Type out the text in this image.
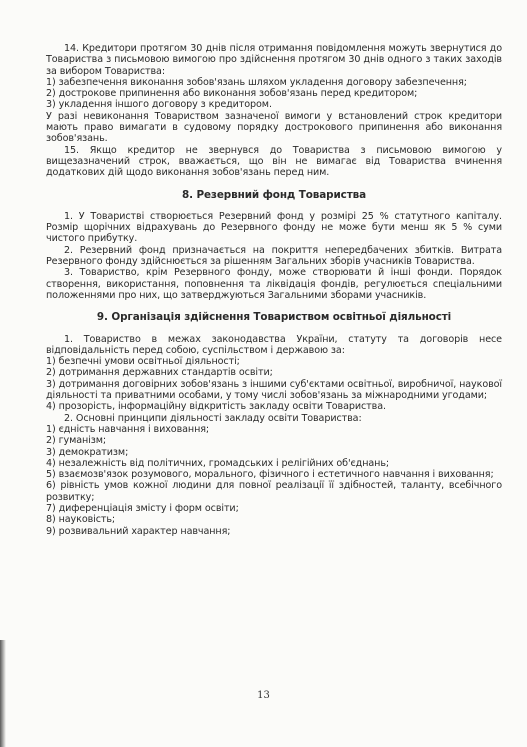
14. Кредитори протягом 30 днів після отримання повідомлення можуть звернутися до Товариства з письмовою вимогою про здійснення протягом 30 днів одного з таких заходів за вибором Товариства:

1) забезпечення виконання зобов'язань шляхом укладення договору забезпечення;

2) дострокове припинення або виконання зобов'язань перед кредитором;

3) укладення іншого договору з кредитором.

У разі невиконання Товариством зазначеної вимоги у встановлений строк кредитори мають право вимагати в судовому порядку дострокового припинення або виконання зобов'язань.

15. Якщо кредитор не звернувся до Товариства з письмовою вимогою у вищезазначений строк, вважається, що він не вимагає від Товариства вчинення додаткових дій щодо виконання зобов'язань перед ним.

8. Резервний фонд Товариства

1. У Товаристві створюється Резервний фонд у розмірі 25 % статутного капіталу. Розмір щорічних відрахувань до Резервного фонду не може бути менш як 5 % суми чистого прибутку.

2. Резервний фонд призначається на покриття непередбачених збитків. Витрата Резервного фонду здійснюється за рішенням Загальних зборів учасників Товариства.

3. Товариство, крім Резервного фонду, може створювати й інші фонди. Порядок створення, використання, поповнення та ліквідація фондів, регулюється спеціальними положеннями про них, що затверджуються Загальними зборами учасників.

9. Організація здійснення Товариством освітньої діяльності

1. Товариство в межах законодавства України, статуту та договорів несе відповідальність перед собою, суспільством і державою за:

1) безпечні умови освітньої діяльності;

2) дотримання державних стандартів освіти;

3) дотримання договірних зобов'язань з іншими суб'єктами освітньої, виробничої, наукової діяльності та приватними особами, у тому числі зобов'язань за міжнародними угодами;

4) прозорість, інформаційну відкритість закладу освіти Товариства.

2. Основні принципи діяльності закладу освіти Товариства:

1) єдність навчання і виховання;

2) гуманізм;

3) демократизм;

4) незалежність від політичних, громадських і релігійних об'єднань;

5) взаємозв'язок розумового, морального, фізичного і естетичного навчання і виховання;

6) рівність умов кожної людини для повної реалізації її здібностей, таланту, всебічного розвитку;

7) диференціація змісту і форм освіти;

8) науковість;

9) розвивальний характер навчання;

13
